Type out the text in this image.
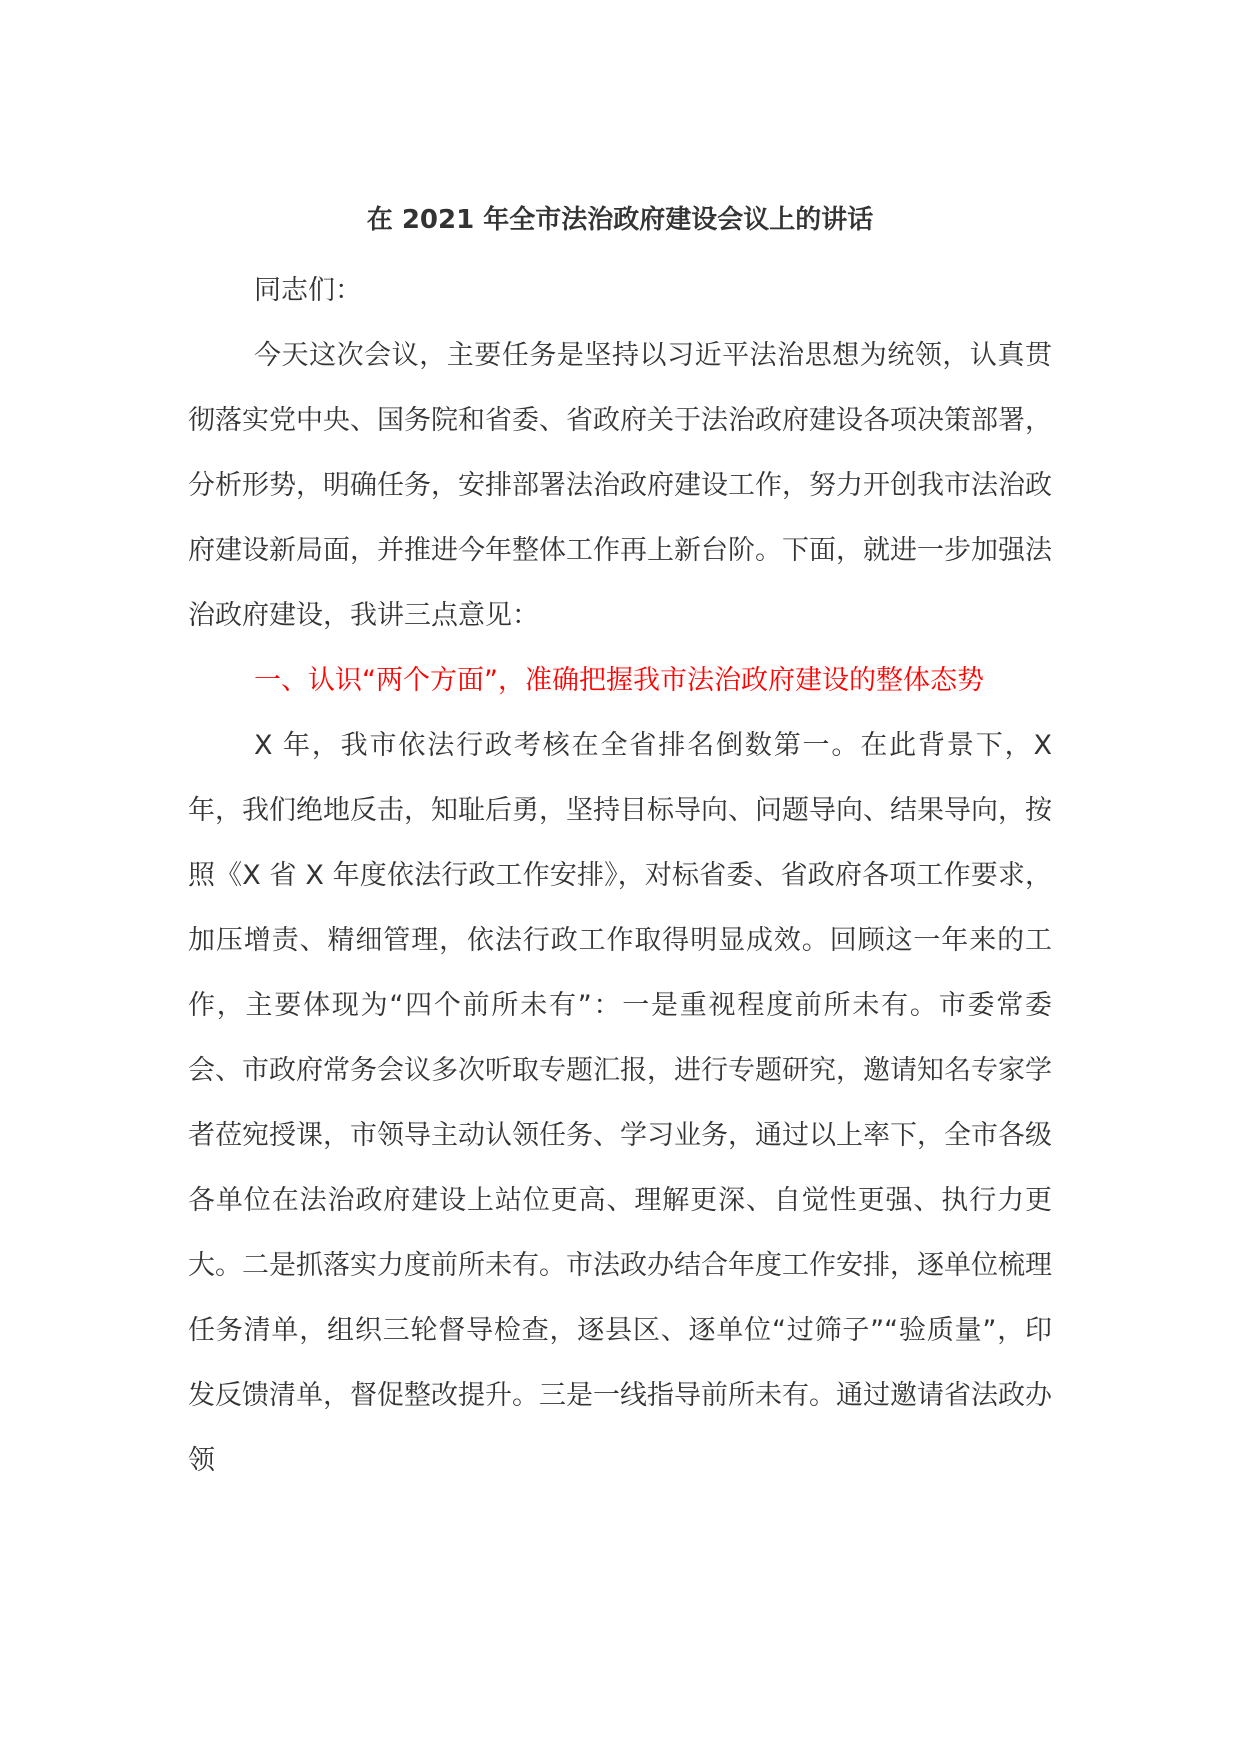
在 2021 年全市法治政府建设会议上的讲话

同志们：

今天这次会议，主要任务是坚持以习近平法治思想为统领，认真贯彻落实党中央、国务院和省委、省政府关于法治政府建设各项决策部署，分析形势，明确任务，安排部署法治政府建设工作，努力开创我市法治政府建设新局面，并推进今年整体工作再上新台阶。下面，就进一步加强法治政府建设，我讲三点意见：

一、认识“两个方面”，准确把握我市法治政府建设的整体态势

X 年，我市依法行政考核在全省排名倒数第一。在此背景下，X 年，我们绝地反击，知耻后勇，坚持目标导向、问题导向、结果导向，按照《X 省 X 年度依法行政工作安排》，对标省委、省政府各项工作要求，加压增责、精细管理，依法行政工作取得明显成效。回顾这一年来的工作，主要体现为“四个前所未有”：一是重视程度前所未有。市委常委会、市政府常务会议多次听取专题汇报，进行专题研究，邀请知名专家学者莅宛授课，市领导主动认领任务、学习业务，通过以上率下，全市各级各单位在法治政府建设上站位更高、理解更深、自觉性更强、执行力更大。二是抓落实力度前所未有。市法政办结合年度工作安排，逐单位梳理任务清单，组织三轮督导检查，逐县区、逐单位“过筛子”“验质量”，印发反馈清单，督促整改提升。三是一线指导前所未有。通过邀请省法政办领
